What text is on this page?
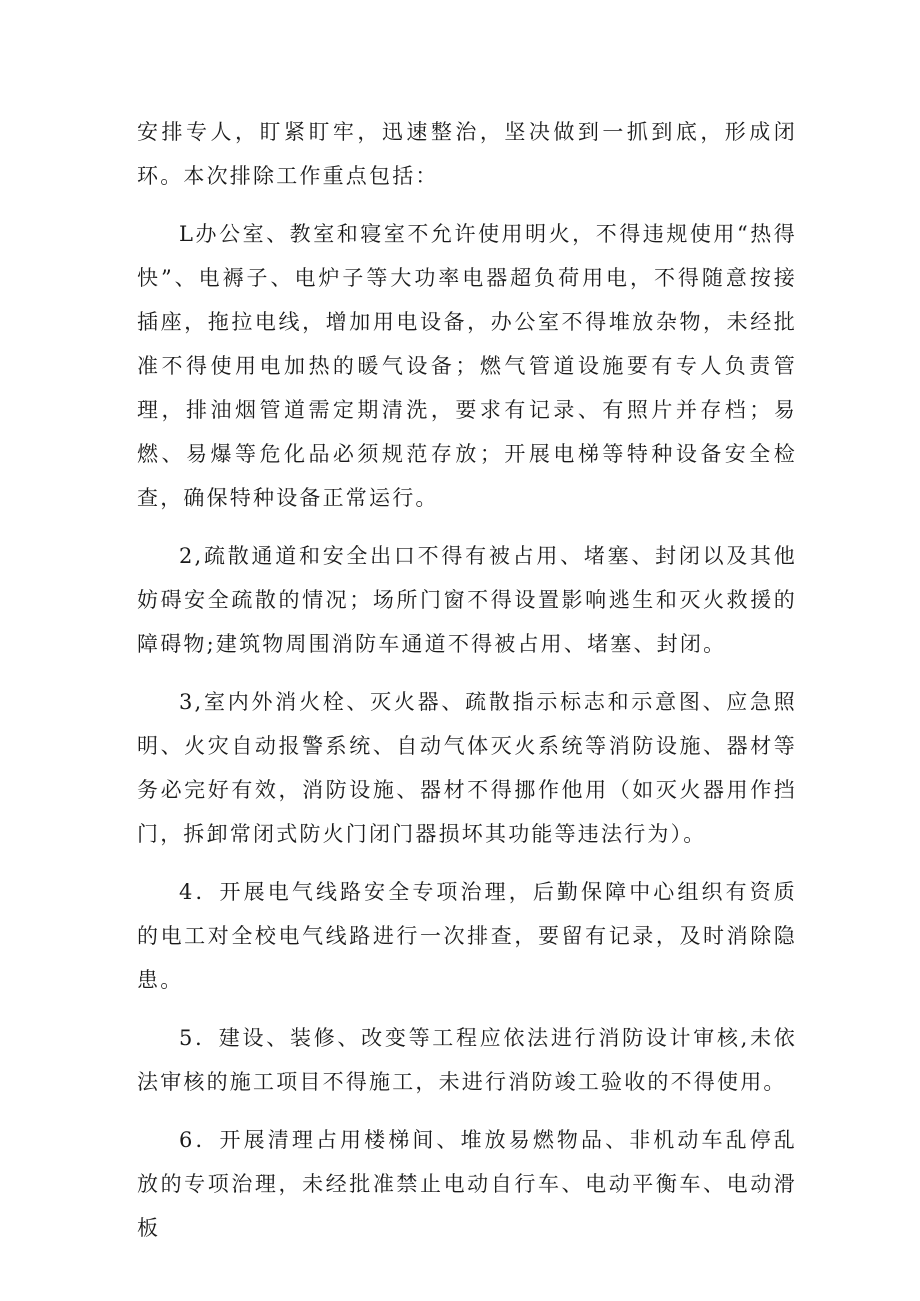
安排专人，盯紧盯牢，迅速整治，坚决做到一抓到底，形成闭环。本次排除工作重点包括：

L办公室、教室和寝室不允许使用明火，不得违规使用“热得快”、电褥子、电炉子等大功率电器超负荷用电，不得随意按接插座，拖拉电线，增加用电设备，办公室不得堆放杂物，未经批准不得使用电加热的暖气设备；燃气管道设施要有专人负责管理，排油烟管道需定期清洗，要求有记录、有照片并存档；易燃、易爆等危化品必须规范存放；开展电梯等特种设备安全检查，确保特种设备正常运行。

2,疏散通道和安全出口不得有被占用、堵塞、封闭以及其他妨碍安全疏散的情况；场所门窗不得设置影响逃生和灭火救援的障碍物;建筑物周围消防车通道不得被占用、堵塞、封闭。

3,室内外消火栓、灭火器、疏散指示标志和示意图、应急照明、火灾自动报警系统、自动气体灭火系统等消防设施、器材等务必完好有效，消防设施、器材不得挪作他用（如灭火器用作挡门，拆卸常闭式防火门闭门器损坏其功能等违法行为）。

4．开展电气线路安全专项治理，后勤保障中心组织有资质的电工对全校电气线路进行一次排查，要留有记录，及时消除隐患。

5．建设、装修、改变等工程应依法进行消防设计审核,未依法审核的施工项目不得施工，未进行消防竣工验收的不得使用。

6．开展清理占用楼梯间、堆放易燃物品、非机动车乱停乱放的专项治理，未经批准禁止电动自行车、电动平衡车、电动滑板
